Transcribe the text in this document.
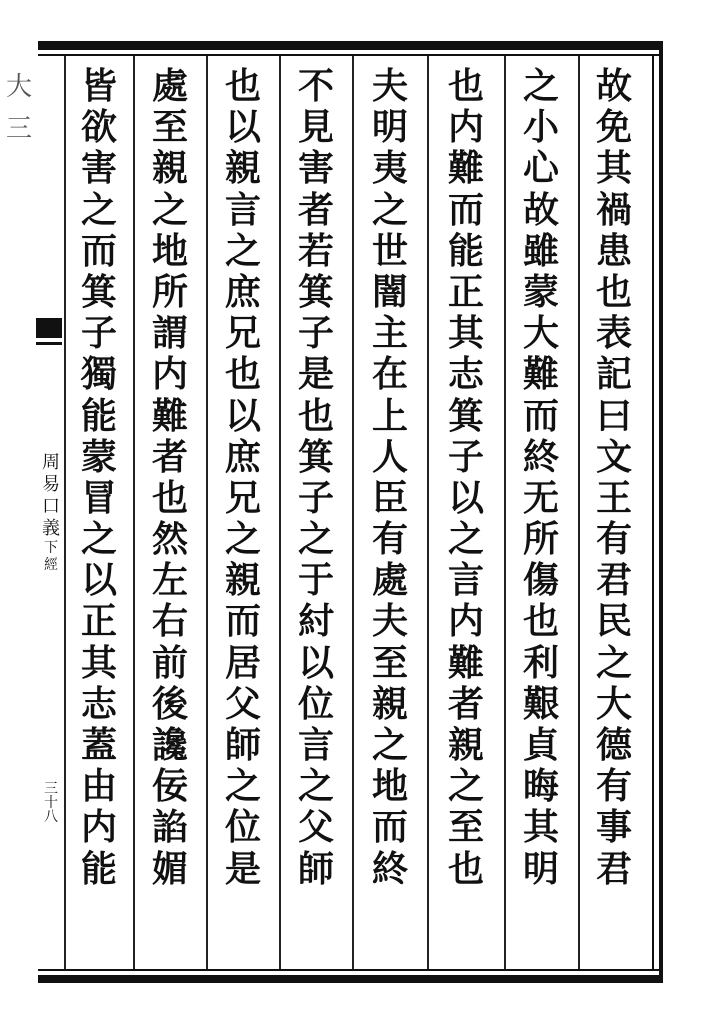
大
三
周
易
口
義
下
經
三
十
八
故
免
其
禍
患
也
表
記
曰
文
王
有
君
民
之
大
德
有
事
君
之
小
心
故
雖
蒙
大
難
而
終
无
所
傷
也
利
艱
貞
晦
其
明
也
内
難
而
能
正
其
志
箕
子
以
之
言
内
難
者
親
之
至
也
夫
明
夷
之
世
闇
主
在
上
人
臣
有
處
夫
至
親
之
地
而
終
不
見
害
者
若
箕
子
是
也
箕
子
之
于
紂
以
位
言
之
父
師
也
以
親
言
之
庶
兄
也
以
庶
兄
之
親
而
居
父
師
之
位
是
處
至
親
之
地
所
謂
内
難
者
也
然
左
右
前
後
讒
佞
諂
媚
皆
欲
害
之
而
箕
子
獨
能
蒙
冒
之
以
正
其
志
蓋
由
内
能
